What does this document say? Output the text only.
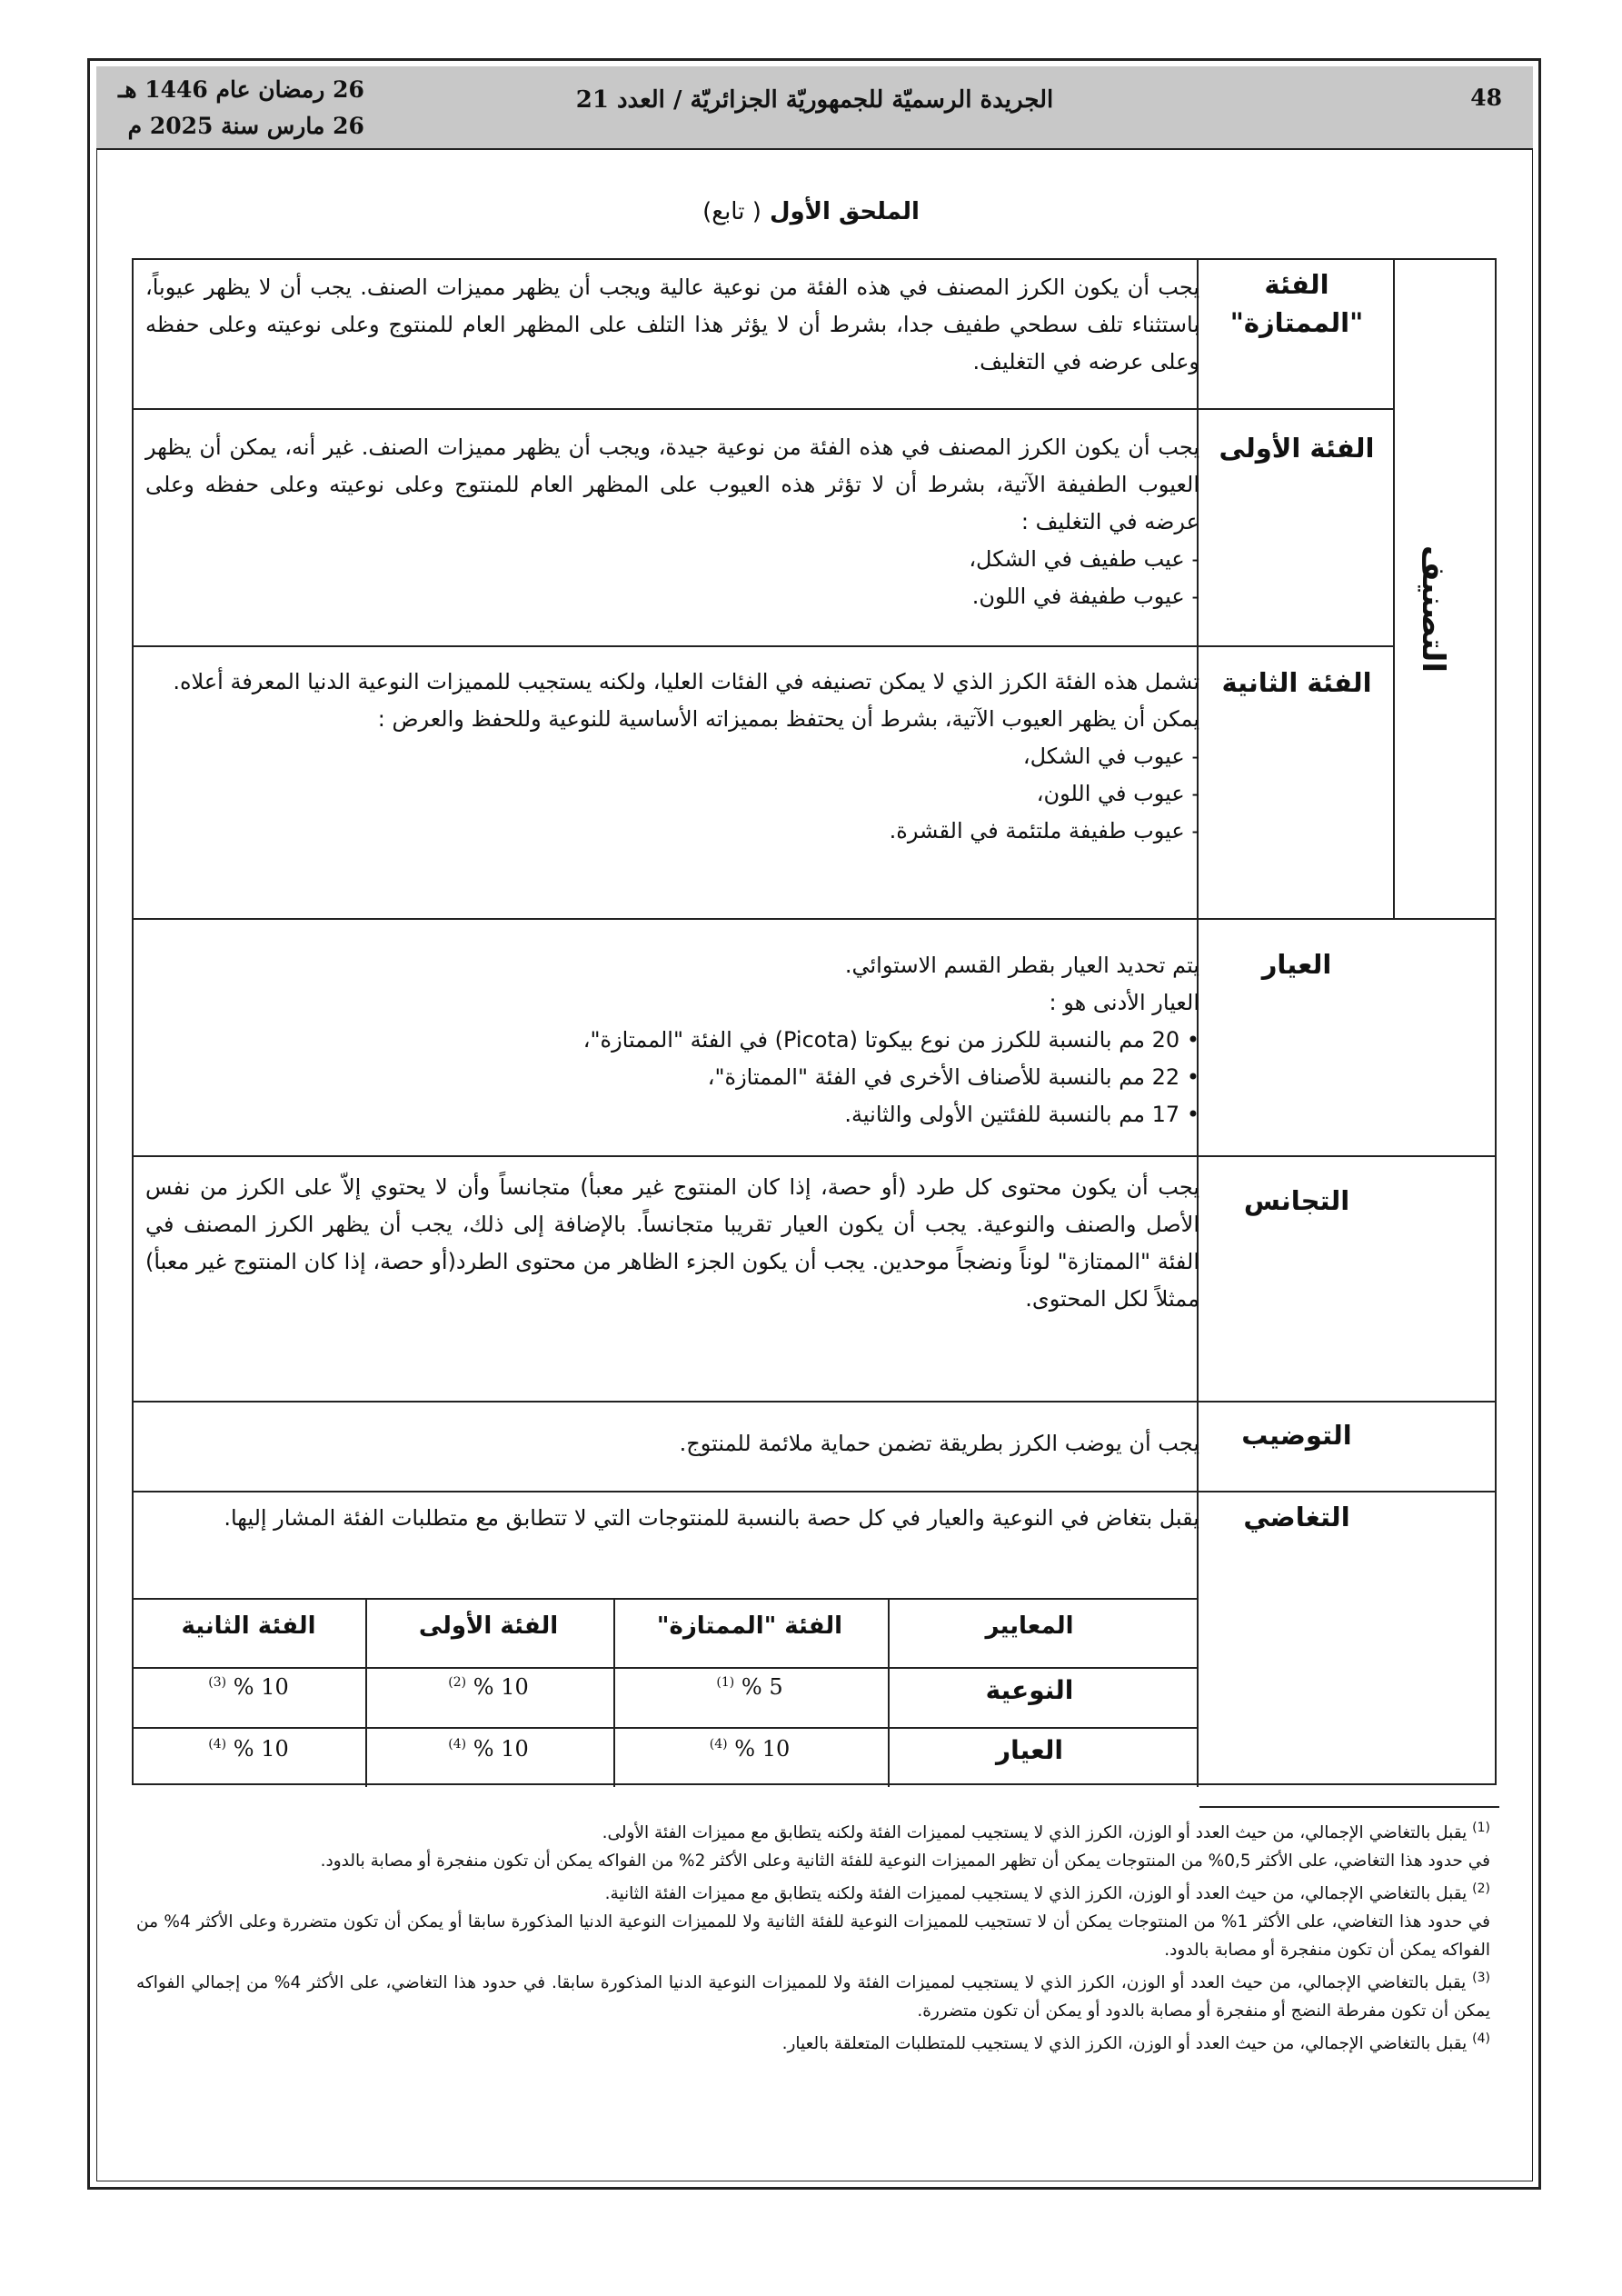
48
الجريدة الرسميّة للجمهوريّة الجزائريّة / العدد 21
26 رمضان عام 1446 هـ
26 مارس سنة 2025 م
الملحق الأول ( تابع)
التصنيف
الفئة "الممتازة"

يجب أن يكون الكرز المصنف في هذه الفئة من نوعية عالية ويجب أن يظهر مميزات الصنف. يجب أن لا يظهر عيوباً، باستثناء تلف سطحي طفيف جدا، بشرط أن لا يؤثر هذا التلف على المظهر العام للمنتوج وعلى نوعيته وعلى حفظه وعلى عرضه في التغليف.

الفئة الأولى

يجب أن يكون الكرز المصنف في هذه الفئة من نوعية جيدة، ويجب أن يظهر مميزات الصنف. غير أنه، يمكن أن يظهر العيوب الطفيفة الآتية، بشرط أن لا تؤثر هذه العيوب على المظهر العام للمنتوج وعلى نوعيته وعلى حفظه وعلى عرضه في التغليف :

- عيب طفيف في الشكل،
- عيوب طفيفة في اللون.
الفئة الثانية

تشمل هذه الفئة الكرز الذي لا يمكن تصنيفه في الفئات العليا، ولكنه يستجيب للمميزات النوعية الدنيا المعرفة أعلاه.

يمكن أن يظهر العيوب الآتية، بشرط أن يحتفظ بمميزاته الأساسية للنوعية وللحفظ والعرض :

- عيوب في الشكل،
- عيوب في اللون،
- عيوب طفيفة ملتئمة في القشرة.
العيار

يتم تحديد العيار بقطر القسم الاستوائي.

العيار الأدنى هو :

• 20 مم بالنسبة للكرز من نوع بيكوتا (Picota) في الفئة "الممتازة"،
• 22 مم بالنسبة للأصناف الأخرى في الفئة "الممتازة"،
• 17 مم بالنسبة للفئتين الأولى والثانية.
التجانس

يجب أن يكون محتوى كل طرد (أو حصة، إذا كان المنتوج غير معبأ) متجانساً وأن لا يحتوي إلاّ على الكرز من نفس الأصل والصنف والنوعية. يجب أن يكون العيار تقريبا متجانساً. بالإضافة إلى ذلك، يجب أن يظهر الكرز المصنف في الفئة "الممتازة" لوناً ونضجاً موحدين. يجب أن يكون الجزء الظاهر من محتوى الطرد(أو حصة، إذا كان المنتوج غير معبأ) ممثلاً لكل المحتوى.

التوضيب

يجب أن يوضب الكرز بطريقة تضمن حماية ملائمة للمنتوج.

التغاضي

يقبل بتغاض في النوعية والعيار في كل حصة بالنسبة للمنتوجات التي لا تتطابق مع متطلبات الفئة المشار إليها.

المعايير
الفئة "الممتازة"
الفئة الأولى
الفئة الثانية
النوعية
5 % $^{(1)}$
10 % $^{(2)}$
10 % $^{(3)}$
العيار
10 % $^{(4)}$
10 % $^{(4)}$
10 % $^{(4)}$

$^{(1)}$ يقبل بالتغاضي الإجمالي، من حيث العدد أو الوزن، الكرز الذي لا يستجيب لمميزات الفئة ولكنه يتطابق مع مميزات الفئة الأولى.

في حدود هذا التغاضي، على الأكثر 0,5% من المنتوجات يمكن أن تظهر المميزات النوعية للفئة الثانية وعلى الأكثر 2% من الفواكه يمكن أن تكون منفجرة أو مصابة بالدود.

$^{(2)}$ يقبل بالتغاضي الإجمالي، من حيث العدد أو الوزن، الكرز الذي لا يستجيب لمميزات الفئة ولكنه يتطابق مع مميزات الفئة الثانية.

في حدود هذا التغاضي، على الأكثر 1% من المنتوجات يمكن أن لا تستجيب للمميزات النوعية للفئة الثانية ولا للمميزات النوعية الدنيا المذكورة سابقا أو يمكن أن تكون متضررة وعلى الأكثر 4% من الفواكه يمكن أن تكون منفجرة أو مصابة بالدود.

$^{(3)}$ يقبل بالتغاضي الإجمالي، من حيث العدد أو الوزن، الكرز الذي لا يستجيب لمميزات الفئة ولا للمميزات النوعية الدنيا المذكورة سابقا. في حدود هذا التغاضي، على الأكثر 4% من إجمالي الفواكه يمكن أن تكون مفرطة النضج أو منفجرة أو مصابة بالدود أو يمكن أن تكون متضررة.

$^{(4)}$ يقبل بالتغاضي الإجمالي، من حيث العدد أو الوزن، الكرز الذي لا يستجيب للمتطلبات المتعلقة بالعيار.
